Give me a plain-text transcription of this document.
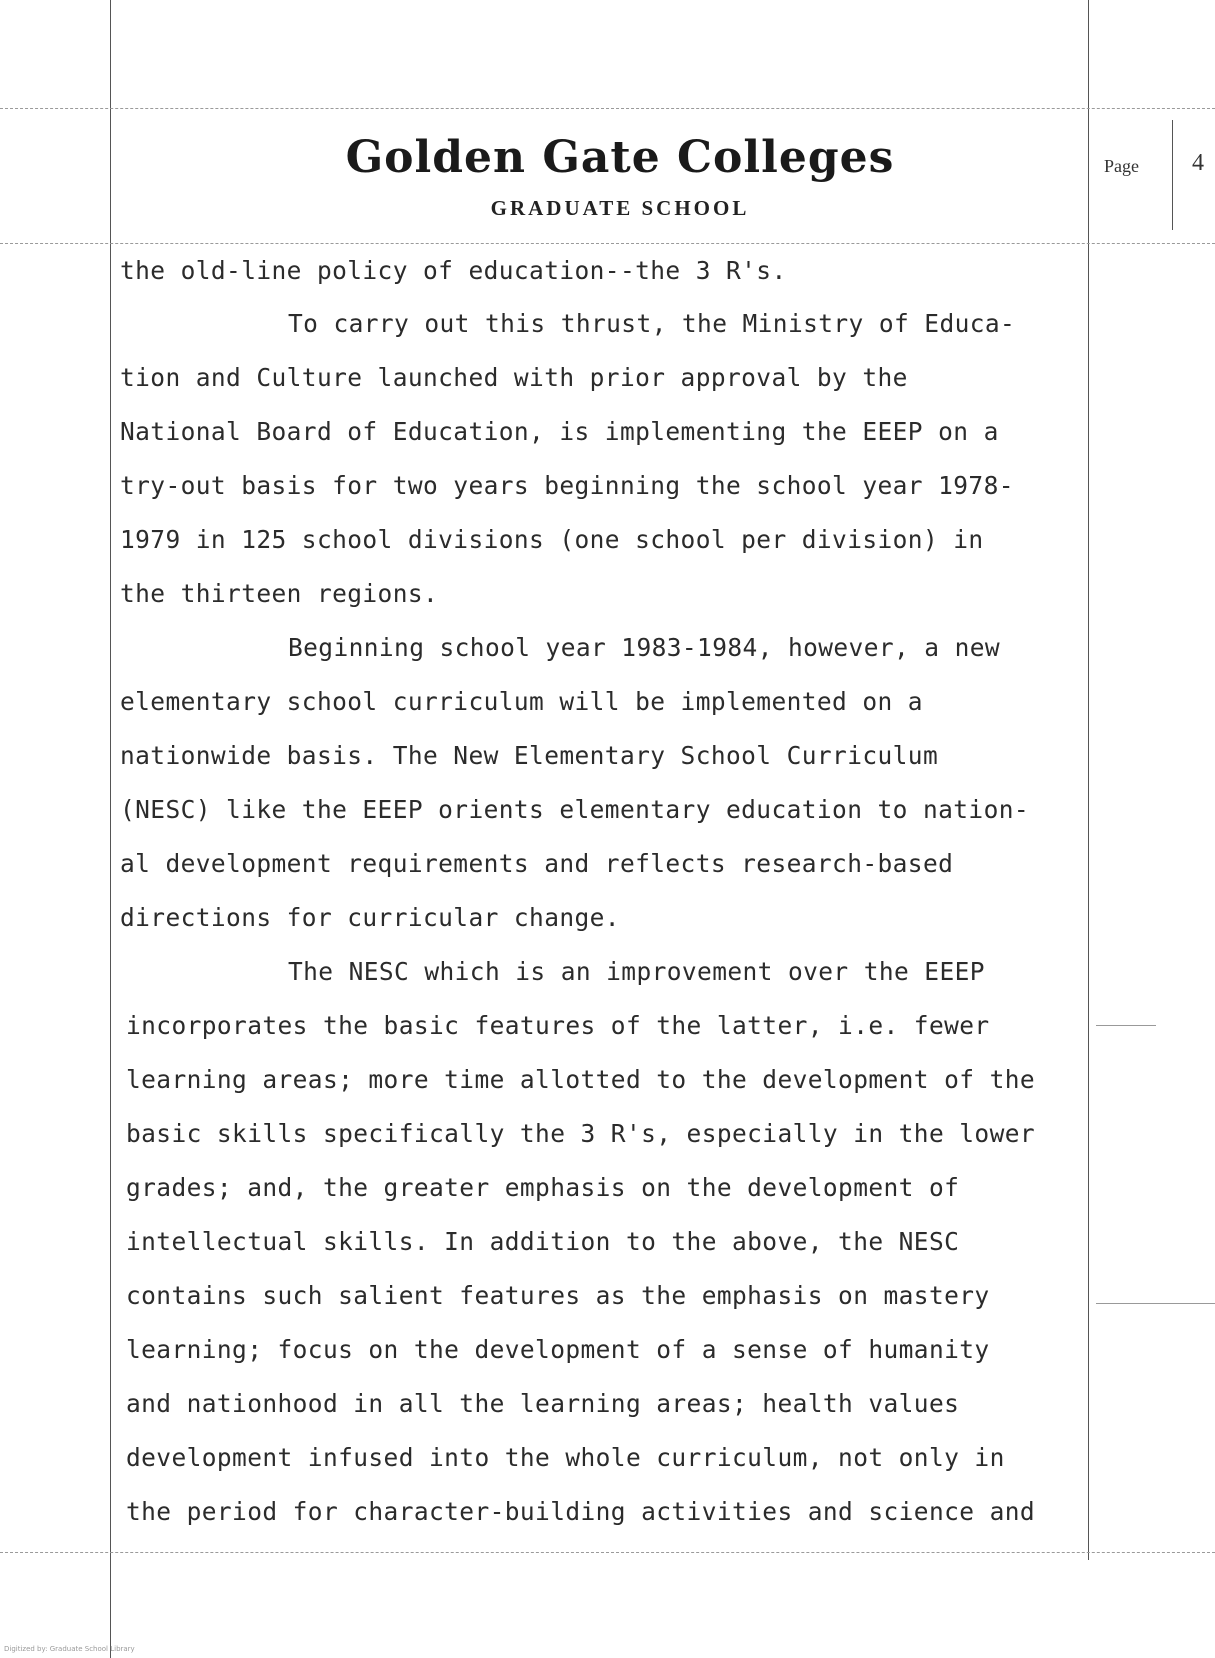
Golden Gate Colleges
GRADUATE SCHOOL
Page 4

the old-line policy of education--the 3 R's.

To carry out this thrust, the Ministry of Educa-

tion and Culture launched with prior approval by the

National Board of Education, is implementing the EEEP on a

try-out basis for two years beginning the school year 1978-

1979 in 125 school divisions (one school per division) in

the thirteen regions.

Beginning school year 1983-1984, however, a new

elementary school curriculum will be implemented on a

nationwide basis. The New Elementary School Curriculum

(NESC) like the EEEP orients elementary education to nation-

al development requirements and reflects research-based

directions for curricular change.

The NESC which is an improvement over the EEEP

incorporates the basic features of the latter, i.e. fewer

learning areas; more time allotted to the development of the

basic skills specifically the 3 R's, especially in the lower

grades; and, the greater emphasis on the development of

intellectual skills. In addition to the above, the NESC

contains such salient features as the emphasis on mastery

learning; focus on the development of a sense of humanity

and nationhood in all the learning areas; health values

development infused into the whole curriculum, not only in

the period for character-building activities and science and

Digitized by: Graduate School Library
